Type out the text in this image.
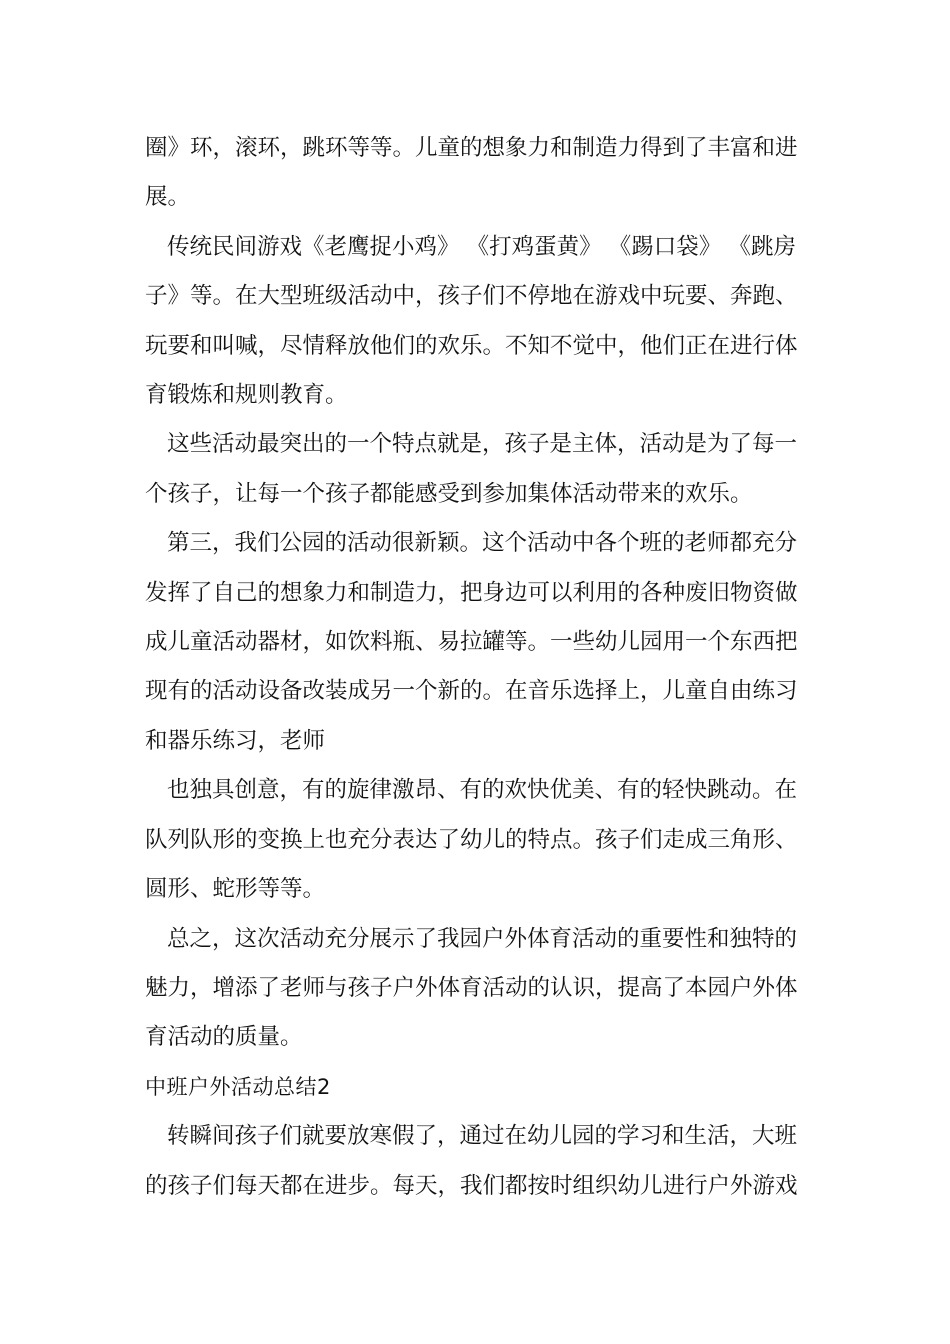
圈》环，滚环，跳环等等。儿童的想象力和制造力得到了丰富和进
展。

传统民间游戏《老鹰捉小鸡》 《打鸡蛋黄》 《踢口袋》 《跳房
子》等。在大型班级活动中，孩子们不停地在游戏中玩要、奔跑、
玩要和叫喊，尽情释放他们的欢乐。不知不觉中，他们正在进行体
育锻炼和规则教育。

这些活动最突出的一个特点就是，孩子是主体，活动是为了每一
个孩子，让每一个孩子都能感受到参加集体活动带来的欢乐。

第三，我们公园的活动很新颖。这个活动中各个班的老师都充分
发挥了自己的想象力和制造力，把身边可以利用的各种废旧物资做
成儿童活动器材，如饮料瓶、易拉罐等。一些幼儿园用一个东西把
现有的活动设备改装成另一个新的。在音乐选择上，儿童自由练习
和器乐练习，老师

也独具创意，有的旋律激昂、有的欢快优美、有的轻快跳动。在
队列队形的变换上也充分表达了幼儿的特点。孩子们走成三角形、
圆形、蛇形等等。

总之，这次活动充分展示了我园户外体育活动的重要性和独特的
魅力，增添了老师与孩子户外体育活动的认识，提高了本园户外体
育活动的质量。

中班户外活动总结2

转瞬间孩子们就要放寒假了，通过在幼儿园的学习和生活，大班
的孩子们每天都在进步。每天，我们都按时组织幼儿进行户外游戏
